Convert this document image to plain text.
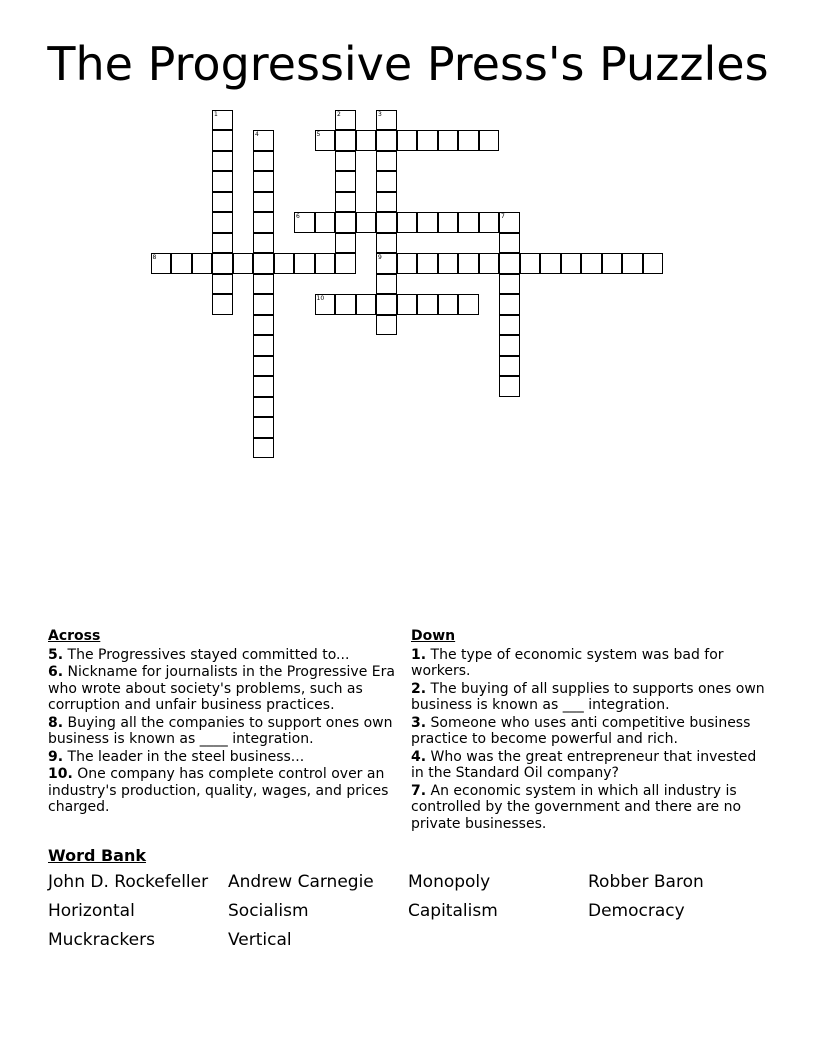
The Progressive Press's Puzzles
1	2	3
9
4	5
6	7
8
10
Across
5. The Progressives stayed committed to...
6. Nickname for journalists in the Progressive Era who wrote about society's problems, such as corruption and unfair business practices.
8. Buying all the companies to support ones own business is known as ____ integration.
9. The leader in the steel business...
10. One company has complete control over an industry's production, quality, wages, and prices charged.
Down
1. The type of economic system was bad for workers.
2. The buying of all supplies to supports ones own business is known as ___ integration.
3. Someone who uses anti competitive business practice to become powerful and rich.
4. Who was the great entrepreneur that invested in the Standard Oil company?
7. An economic system in which all industry is controlled by the government and there are no private businesses.
Word Bank
John D. Rockefeller	Andrew Carnegie	Monopoly	Robber Baron
Horizontal	Socialism	Capitalism	Democracy
Muckrackers	Vertical
